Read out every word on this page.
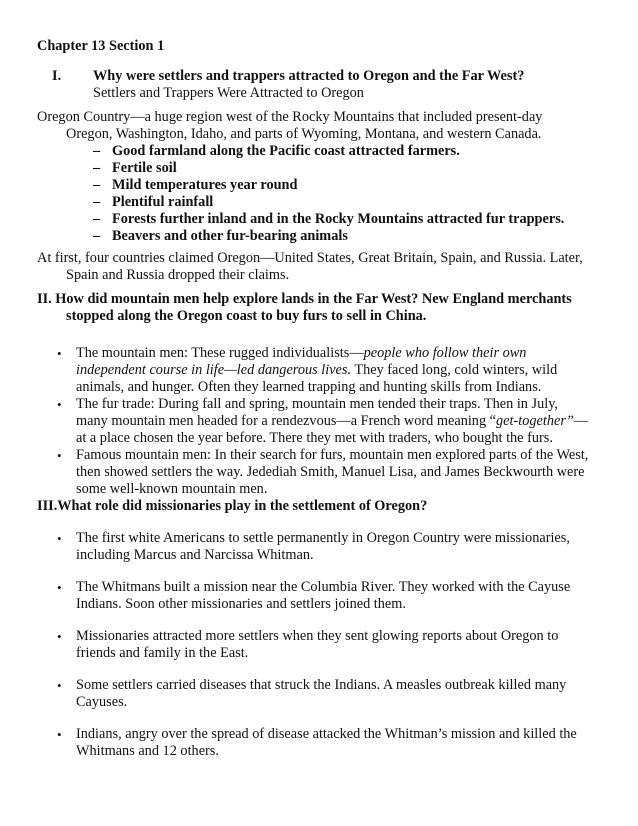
Chapter 13 Section 1
I. Why were settlers and trappers attracted to Oregon and the Far West?
Settlers and Trappers Were Attracted to Oregon
Oregon Country—a huge region west of the Rocky Mountains that included present-day
Oregon, Washington, Idaho, and parts of Wyoming, Montana, and western Canada.
– Good farmland along the Pacific coast attracted farmers.
– Fertile soil
– Mild temperatures year round
– Plentiful rainfall
– Forests further inland and in the Rocky Mountains attracted fur trappers.
– Beavers and other fur-bearing animals
At first, four countries claimed Oregon—United States, Great Britain, Spain, and Russia. Later,
Spain and Russia dropped their claims.
II. How did mountain men help explore lands in the Far West? New England merchants
stopped along the Oregon coast to buy furs to sell in China.
• The mountain men: These rugged individualists—people who follow their own
independent course in life—led dangerous lives. They faced long, cold winters, wild
animals, and hunger. Often they learned trapping and hunting skills from Indians.
• The fur trade: During fall and spring, mountain men tended their traps. Then in July,
many mountain men headed for a rendezvous—a French word meaning “get-together”—
at a place chosen the year before. There they met with traders, who bought the furs.
• Famous mountain men: In their search for furs, mountain men explored parts of the West,
then showed settlers the way. Jedediah Smith, Manuel Lisa, and James Beckwourth were
some well-known mountain men.
III.What role did missionaries play in the settlement of Oregon?
• The first white Americans to settle permanently in Oregon Country were missionaries,
including Marcus and Narcissa Whitman.
• The Whitmans built a mission near the Columbia River. They worked with the Cayuse
Indians. Soon other missionaries and settlers joined them.
• Missionaries attracted more settlers when they sent glowing reports about Oregon to
friends and family in the East.
• Some settlers carried diseases that struck the Indians. A measles outbreak killed many
Cayuses.
• Indians, angry over the spread of disease attacked the Whitman’s mission and killed the
Whitmans and 12 others.
